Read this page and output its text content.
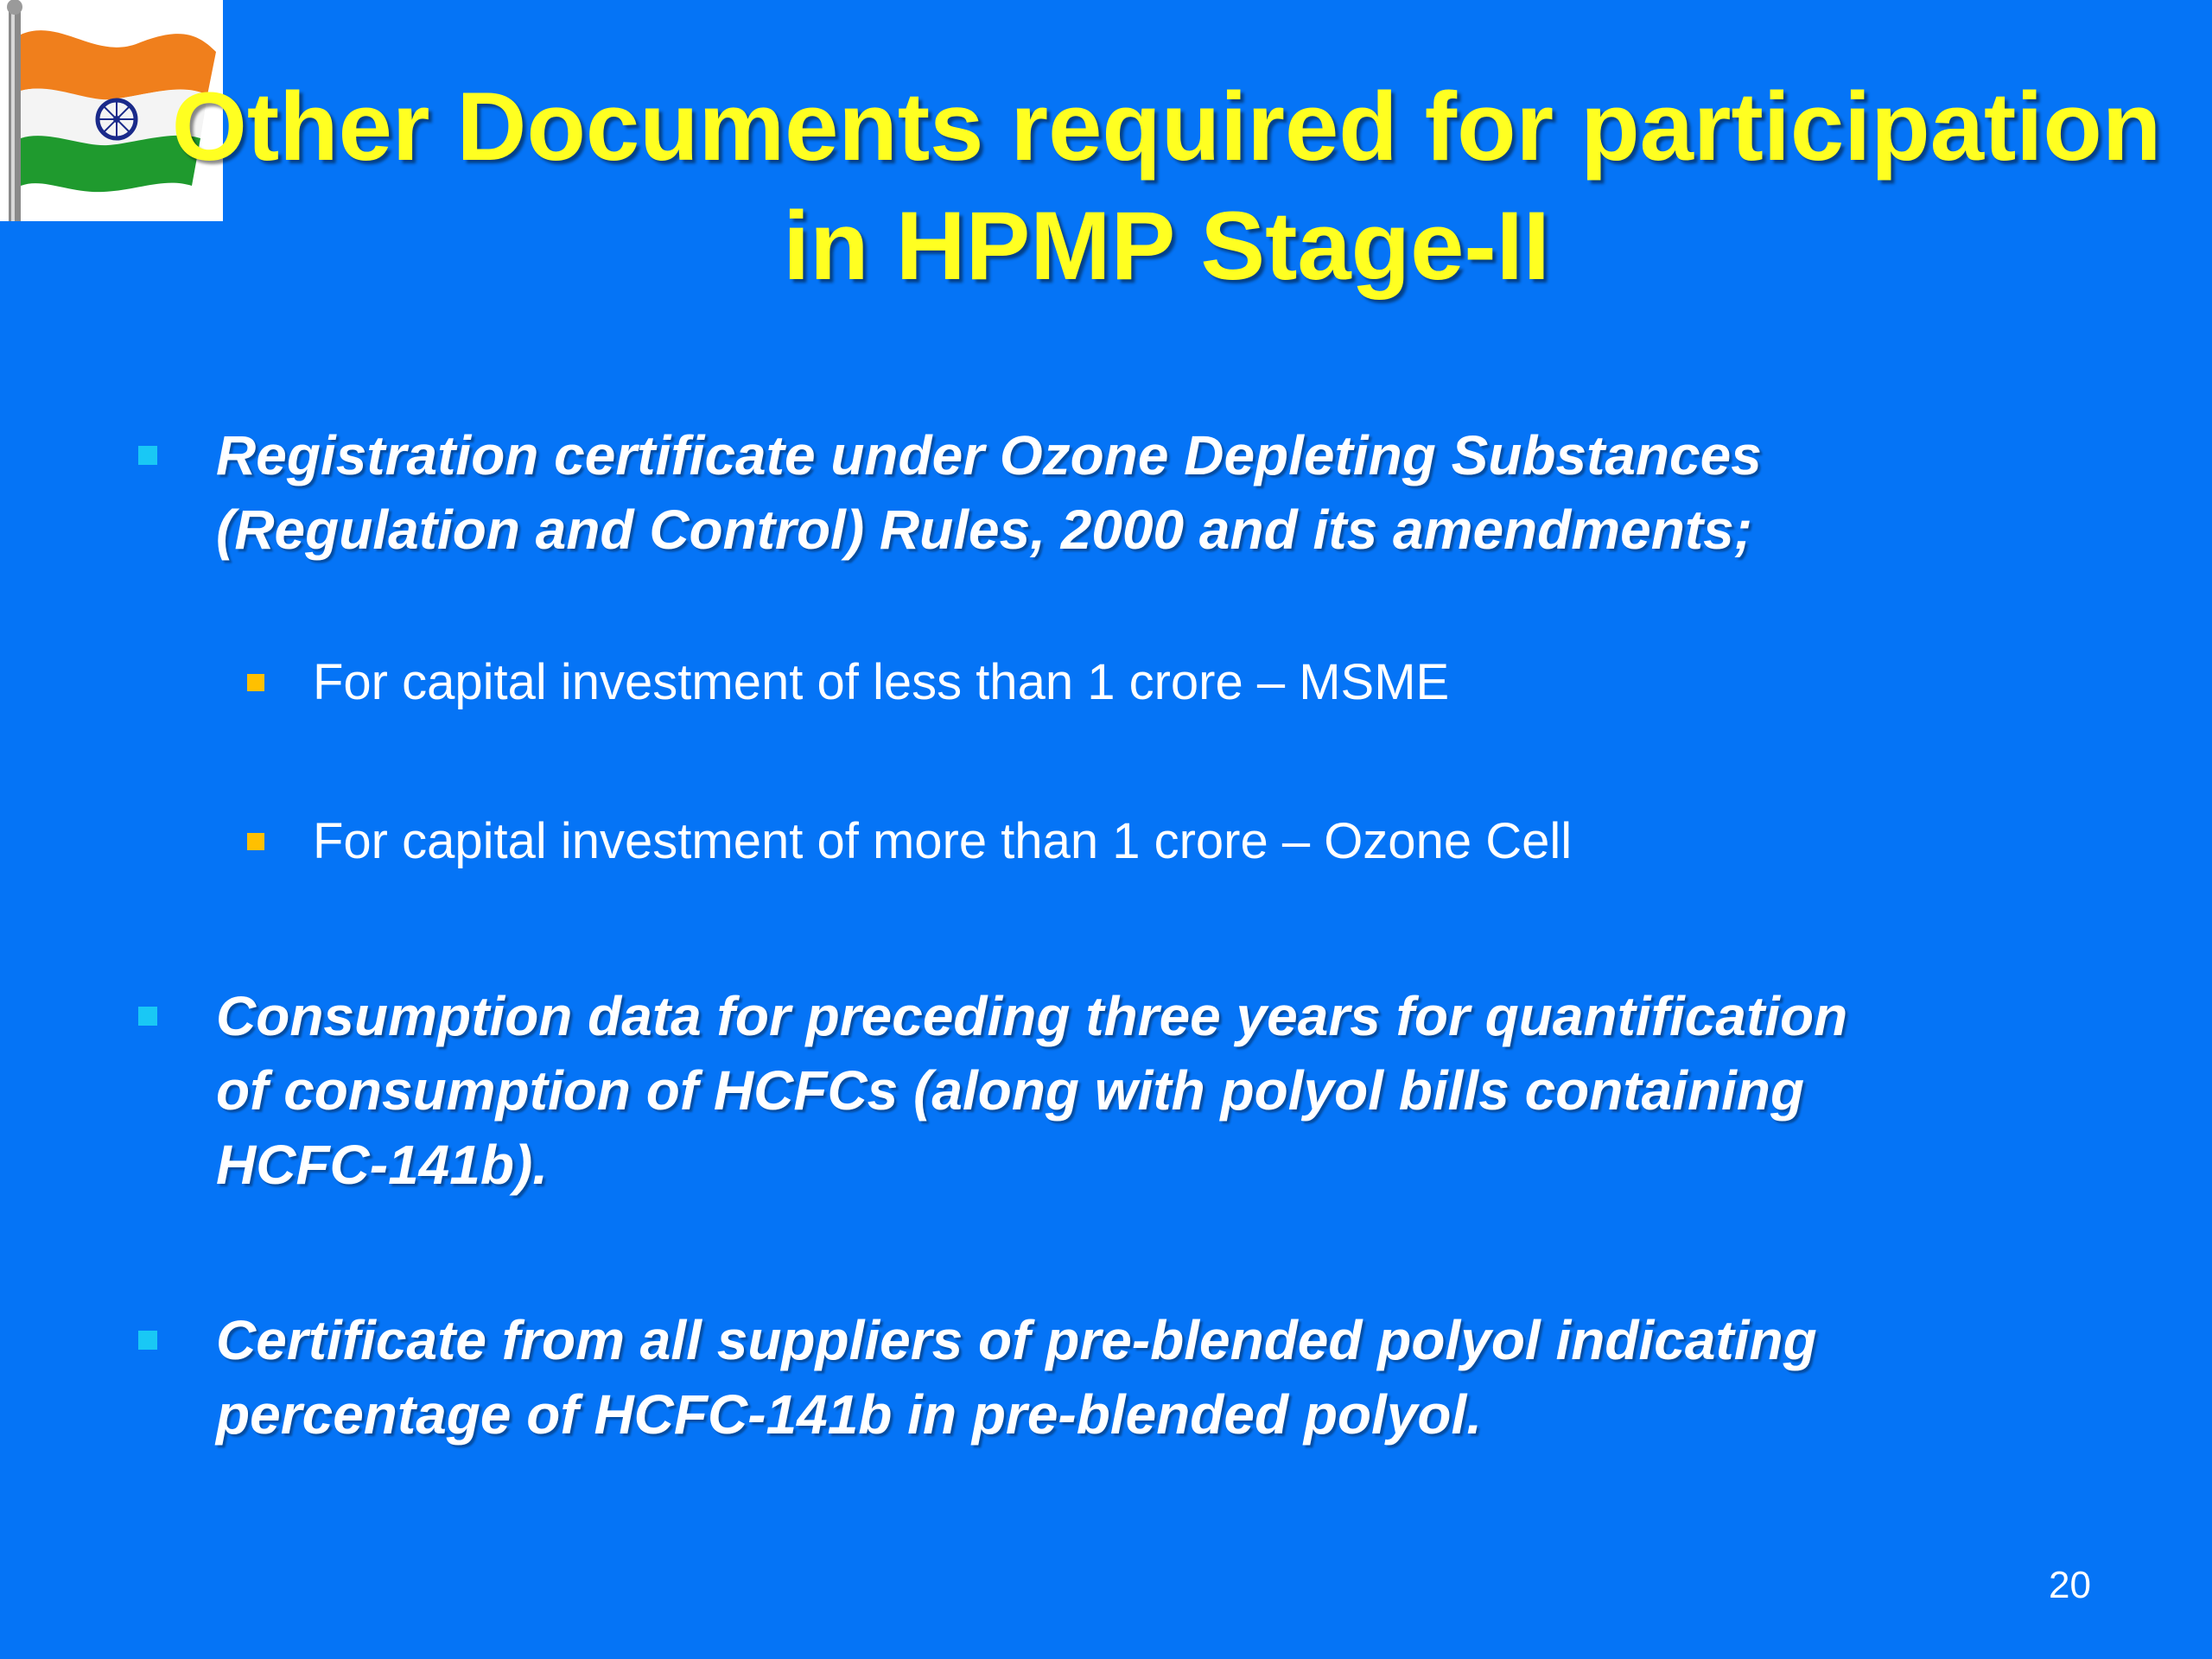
Other Documents required for participation
in HPMP Stage-II
Registration certificate under Ozone Depleting Substances
(Regulation and Control) Rules, 2000 and its amendments;
For capital investment of less than 1 crore – MSME
For capital investment of more than 1 crore – Ozone Cell
Consumption data for preceding three years for quantification
of consumption of HCFCs (along with polyol bills containing
HCFC-141b).
Certificate from all suppliers of pre-blended polyol indicating
percentage of HCFC-141b in pre-blended polyol.
20
